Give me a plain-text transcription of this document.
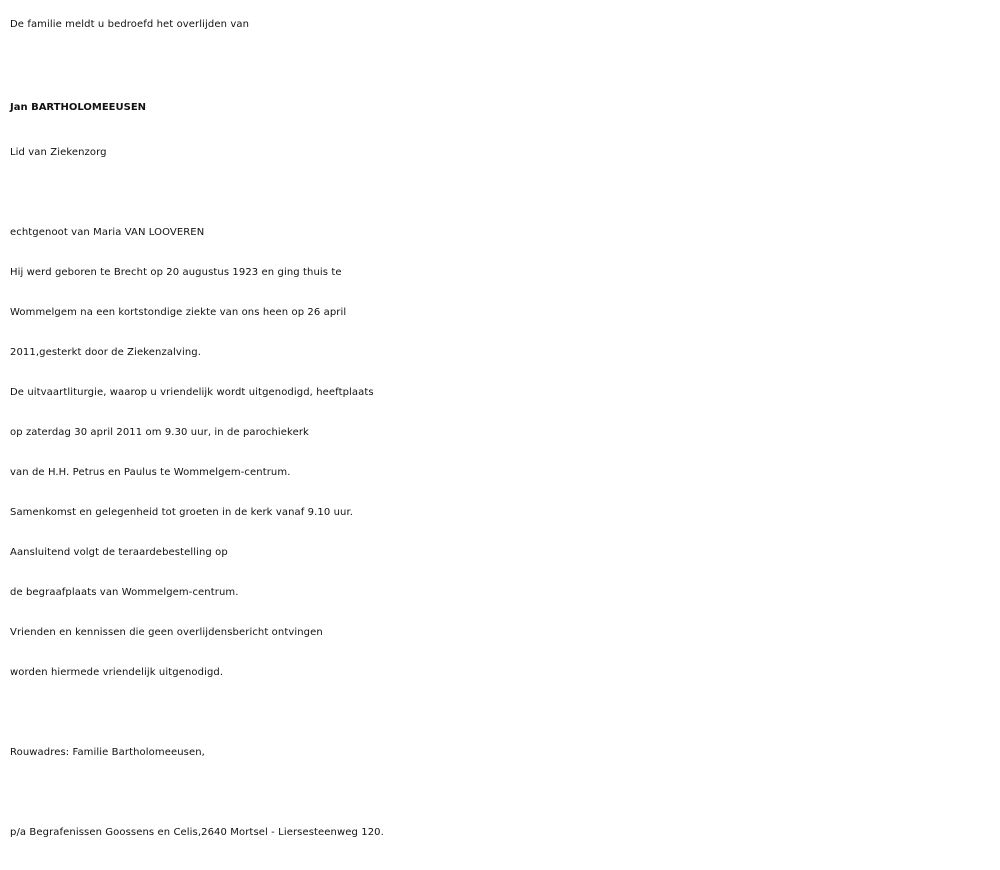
De familie meldt u bedroefd het overlijden van
Jan BARTHOLOMEEUSEN
Lid van Ziekenzorg
echtgenoot van Maria VAN LOOVEREN
Hij werd geboren te Brecht op 20 augustus 1923 en ging thuis te
Wommelgem na een kortstondige ziekte van ons heen op 26 april
2011,gesterkt door de Ziekenzalving.
De uitvaartliturgie, waarop u vriendelijk wordt uitgenodigd, heeftplaats
op zaterdag 30 april 2011 om 9.30 uur, in de parochiekerk
van de H.H. Petrus en Paulus te Wommelgem-centrum.
Samenkomst en gelegenheid tot groeten in de kerk vanaf 9.10 uur.
Aansluitend volgt de teraardebestelling op
de begraafplaats van Wommelgem-centrum.
Vrienden en kennissen die geen overlijdensbericht ontvingen
worden hiermede vriendelijk uitgenodigd.
Rouwadres: Familie Bartholomeeusen,
p/a Begrafenissen Goossens en Celis,2640 Mortsel - Liersesteenweg 120.
